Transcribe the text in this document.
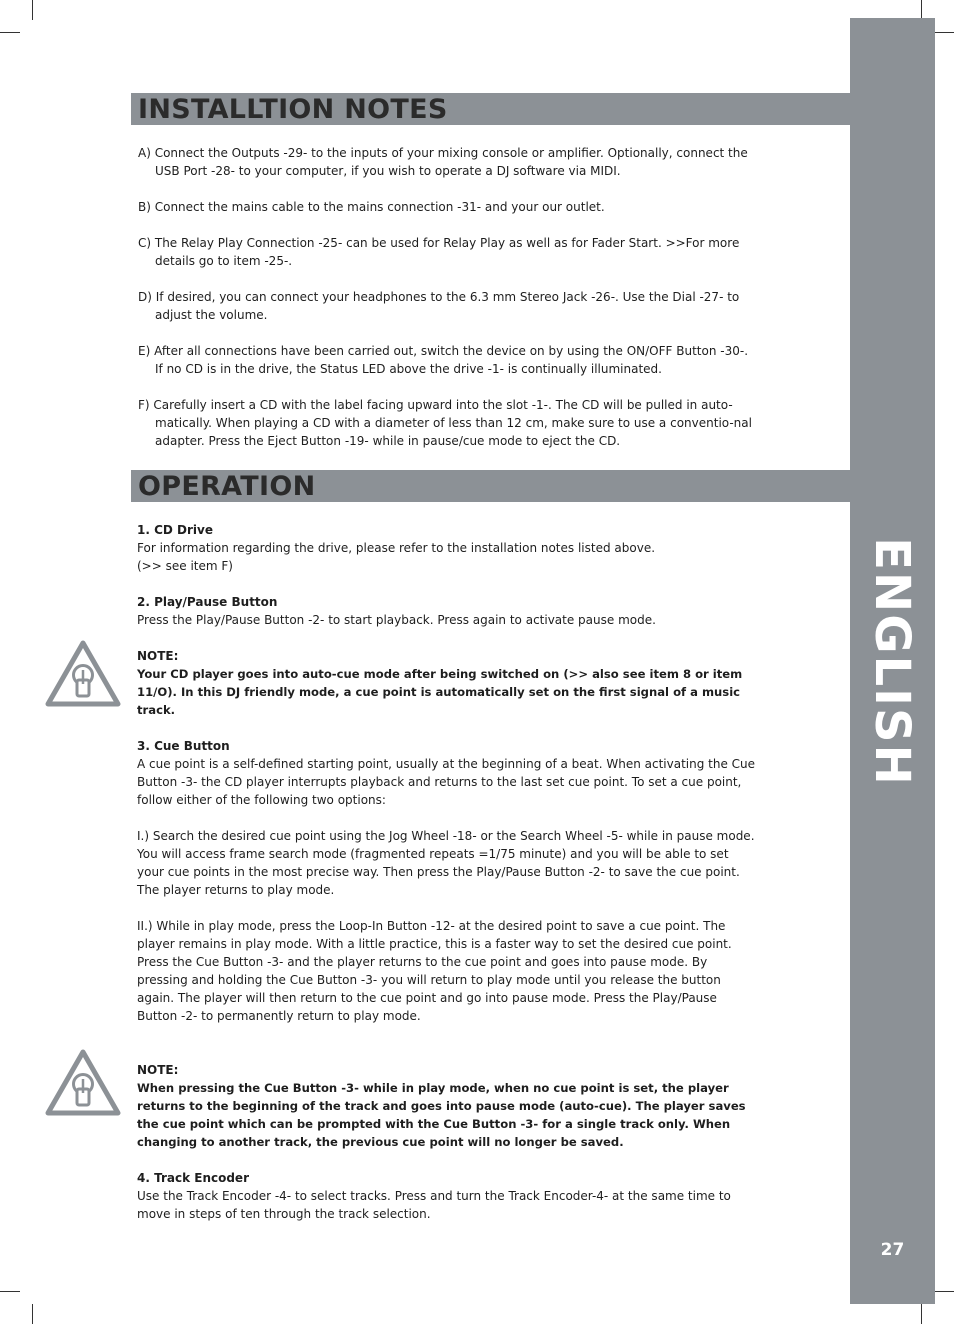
ENGLISH
27
INSTALLTION NOTES

A) Connect the Outputs -29- to the inputs of your mixing console or amplifier. Optionally, connect the USB Port -28- to your computer, if you wish to operate a DJ software via MIDI.

B) Connect the mains cable to the mains connection -31- and your our outlet.

C) The Relay Play Connection -25- can be used for Relay Play as well as for Fader Start. >>For more details go to item -25-.

D) If desired, you can connect your headphones to the 6.3 mm Stereo Jack -26-. Use the Dial -27- to adjust the volume.

E) After all connections have been carried out, switch the device on by using the ON/OFF Button -30-. If no CD is in the drive, the Status LED above the drive -1- is continually illuminated.

F) Carefully insert a CD with the label facing upward into the slot -1-. The CD will be pulled in auto-matically. When playing a CD with a diameter of less than 12 cm, make sure to use a conventio-nal adapter. Press the Eject Button -19- while in pause/cue mode to eject the CD.

OPERATION

1. CD Drive

For information regarding the drive, please refer to the installation notes listed above.

(>> see item F)

2. Play/Pause Button

Press the Play/Pause Button -2- to start playback. Press again to activate pause mode.

NOTE:

Your CD player goes into auto-cue mode after being switched on (>> also see item 8 or item 11/O). In this DJ friendly mode, a cue point is automatically set on the first signal of a music track.

3. Cue Button

A cue point is a self-defined starting point, usually at the beginning of a beat. When activating the Cue Button -3- the CD player interrupts playback and returns to the last set cue point. To set a cue point, follow either of the following two options:

I.) Search the desired cue point using the Jog Wheel -18- or the Search Wheel -5- while in pause mode. You will access frame search mode (fragmented repeats =1/75 minute) and you will be able to set your cue points in the most precise way. Then press the Play/Pause Button -2- to save the cue point. The player returns to play mode.

II.) While in play mode, press the Loop-In Button -12- at the desired point to save a cue point. The player remains in play mode. With a little practice, this is a faster way to set the desired cue point. Press the Cue Button -3- and the player returns to the cue point and goes into pause mode. By pressing and holding the Cue Button -3- you will return to play mode until you release the button again. The player will then return to the cue point and go into pause mode. Press the Play/Pause Button -2- to permanently return to play mode.

NOTE:

When pressing the Cue Button -3- while in play mode, when no cue point is set, the player returns to the beginning of the track and goes into pause mode (auto-cue). The player saves the cue point which can be prompted with the Cue Button -3- for a single track only. When changing to another track, the previous cue point will no longer be saved.

4. Track Encoder

Use the Track Encoder -4- to select tracks. Press and turn the Track Encoder-4- at the same time to move in steps of ten through the track selection.
